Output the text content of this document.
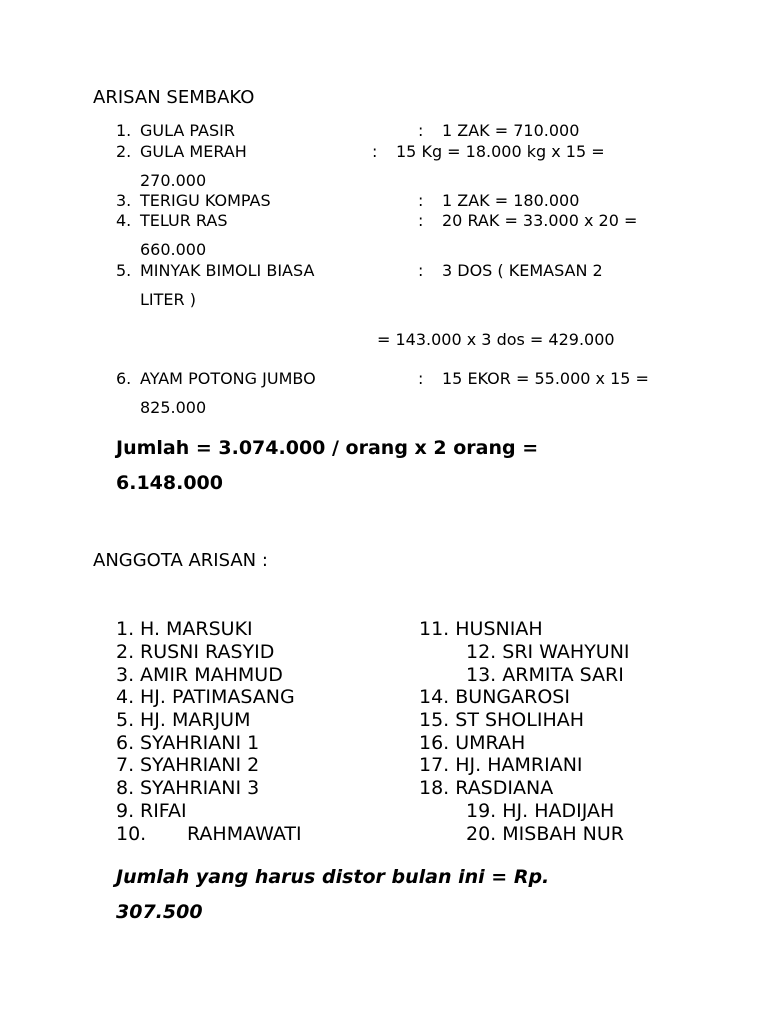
ARISAN SEMBAKO
1. GULA PASIR	: 1 ZAK = 710.000
2. GULA MERAH	: 15 Kg = 18.000 kg x 15 =
270.000
3. TERIGU KOMPAS	: 1 ZAK = 180.000
4. TELUR RAS	: 20 RAK = 33.000 x 20 =
660.000
5. MINYAK BIMOLI BIASA	: 3 DOS ( KEMASAN 2
LITER )
= 143.000 x 3 dos = 429.000
6. AYAM POTONG JUMBO	: 15 EKOR = 55.000 x 15 =
825.000
Jumlah = 3.074.000 / orang x 2 orang =
6.148.000
ANGGOTA ARISAN :
1. H. MARSUKI
2. RUSNI RASYID
3. AMIR MAHMUD
4. HJ. PATIMASANG
5. HJ. MARJUM
6. SYAHRIANI 1
7. SYAHRIANI 2
8. SYAHRIANI 3
9. RIFAI
10. RAHMAWATI
11. HUSNIAH
12. SRI WAHYUNI
13. ARMITA SARI
14. BUNGAROSI
15. ST SHOLIHAH
16. UMRAH
17. HJ. HAMRIANI
18. RASDIANA
19. HJ. HADIJAH
20. MISBAH NUR
Jumlah yang harus distor bulan ini = Rp.
307.500
